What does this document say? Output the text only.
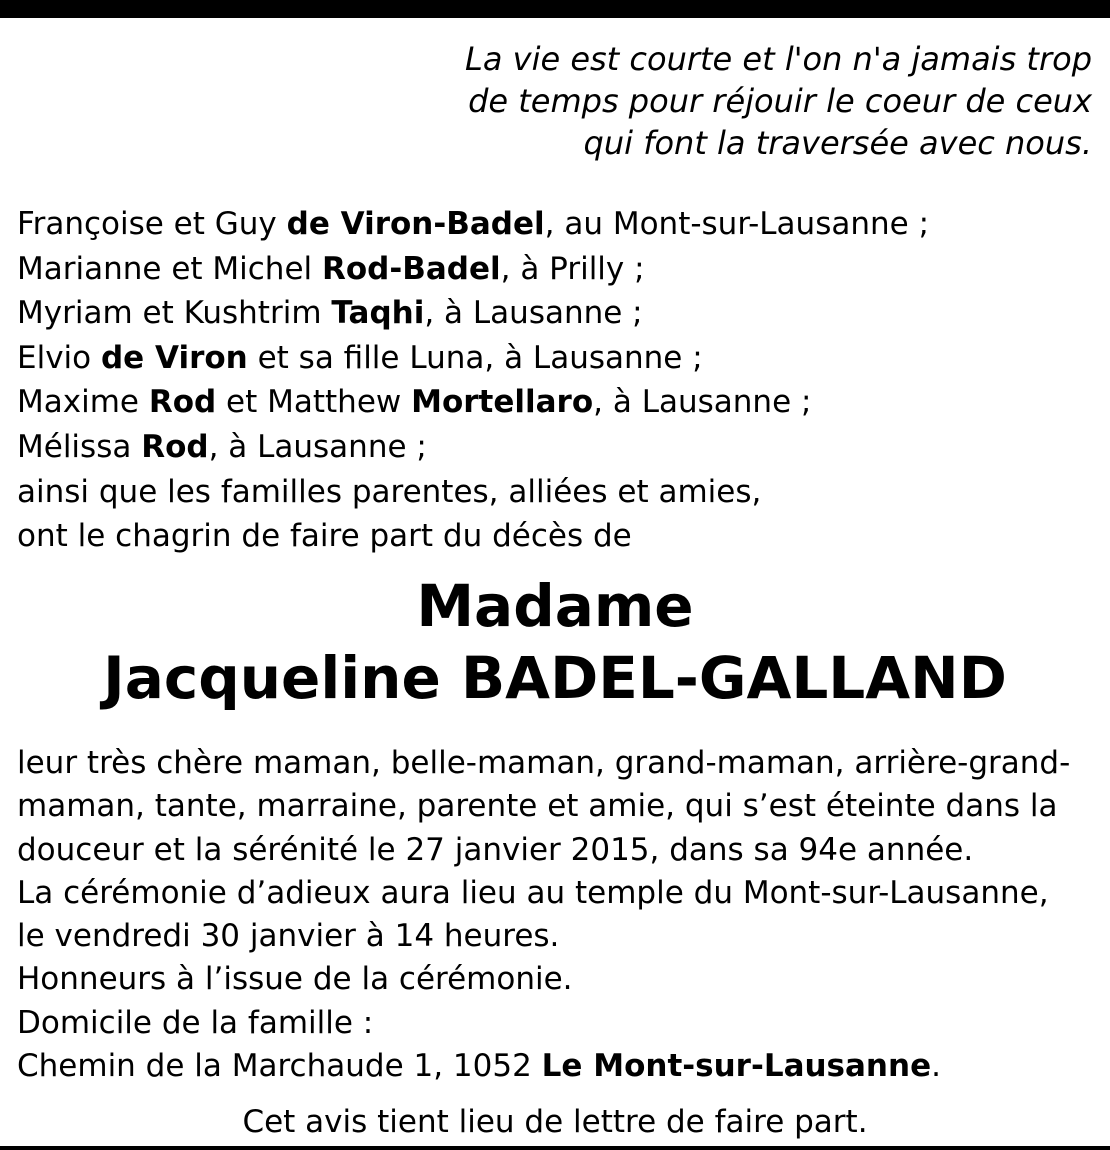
La vie est courte et l'on n'a jamais trop
de temps pour réjouir le coeur de ceux
qui font la traversée avec nous.
Françoise et Guy de Viron-Badel, au Mont-sur-Lausanne ;
Marianne et Michel Rod-Badel, à Prilly ;
Myriam et Kushtrim Taqhi, à Lausanne ;
Elvio de Viron et sa fille Luna, à Lausanne ;
Maxime Rod et Matthew Mortellaro, à Lausanne ;
Mélissa Rod, à Lausanne ;
ainsi que les familles parentes, alliées et amies,
ont le chagrin de faire part du décès de
Madame
Jacqueline BADEL-GALLAND
leur très chère maman, belle-maman, grand-maman, arrière-grand-
maman, tante, marraine, parente et amie, qui s’est éteinte dans la
douceur et la sérénité le 27 janvier 2015, dans sa 94e année.
La cérémonie d’adieux aura lieu au temple du Mont-sur-Lausanne,
le vendredi 30 janvier à 14 heures.
Honneurs à l’issue de la cérémonie.
Domicile de la famille :
Chemin de la Marchaude 1, 1052 Le Mont-sur-Lausanne.
Cet avis tient lieu de lettre de faire part.
